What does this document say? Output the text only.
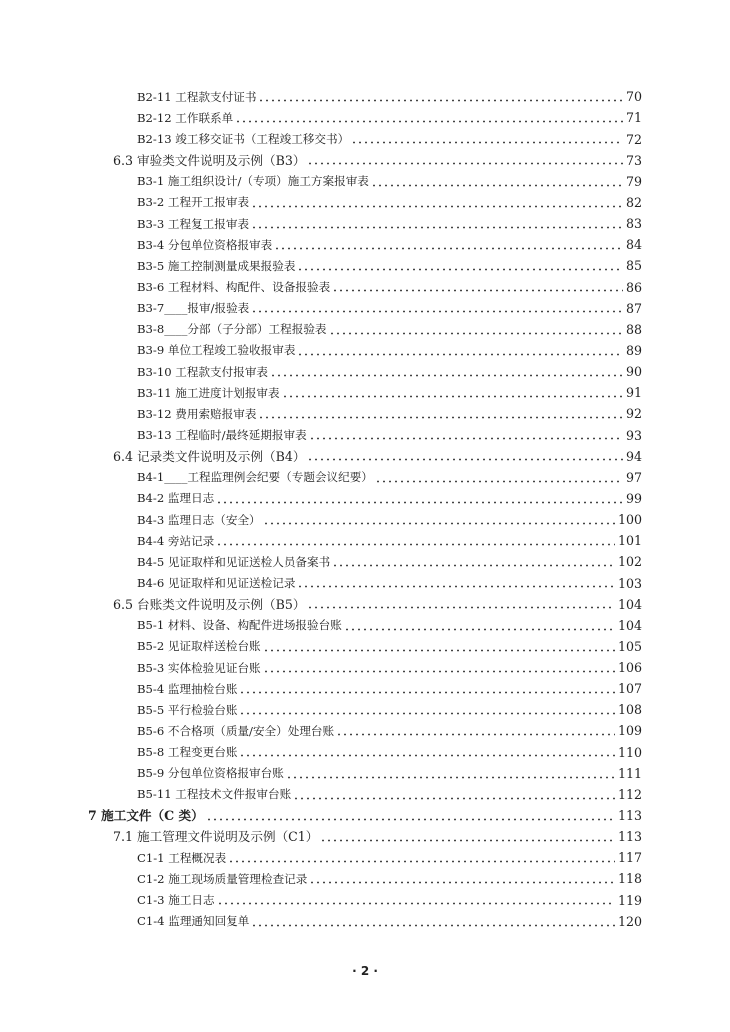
B2-11 工程款支付证书	70
B2-12 工作联系单	71
B2-13 竣工移交证书（工程竣工移交书）	72
6.3 审验类文件说明及示例（B3）	73
B3-1 施工组织设计/（专项）施工方案报审表	79
B3-2 工程开工报审表	82
B3-3 工程复工报审表	83
B3-4 分包单位资格报审表	84
B3-5 施工控制测量成果报验表	85
B3-6 工程材料、构配件、设备报验表	86
B3-7____报审/报验表	87
B3-8____分部（子分部）工程报验表	88
B3-9 单位工程竣工验收报审表	89
B3-10 工程款支付报审表	90
B3-11 施工进度计划报审表	91
B3-12 费用索赔报审表	92
B3-13 工程临时/最终延期报审表	93
6.4 记录类文件说明及示例（B4）	94
B4-1____工程监理例会纪要（专题会议纪要）	97
B4-2 监理日志	99
B4-3 监理日志（安全）	100
B4-4 旁站记录	101
B4-5 见证取样和见证送检人员备案书	102
B4-6 见证取样和见证送检记录	103
6.5 台账类文件说明及示例（B5）	104
B5-1 材料、设备、构配件进场报验台账	104
B5-2 见证取样送检台账	105
B5-3 实体检验见证台账	106
B5-4 监理抽检台账	107
B5-5 平行检验台账	108
B5-6 不合格项（质量/安全）处理台账	109
B5-8 工程变更台账	110
B5-9 分包单位资格报审台账	111
B5-11 工程技术文件报审台账	112
7 施工文件（C 类）	113
7.1 施工管理文件说明及示例（C1）	113
C1-1 工程概况表	117
C1-2 施工现场质量管理检查记录	118
C1-3 施工日志	119
C1-4 监理通知回复单	120
· 2 ·
